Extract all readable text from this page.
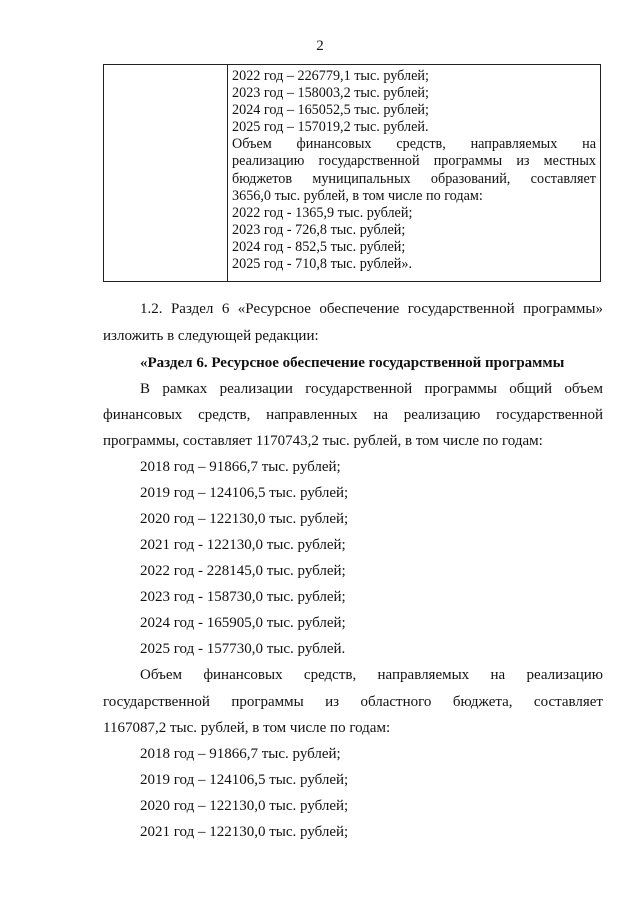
2
2022 год – 226779,1 тыс. рублей;
2023 год – 158003,2 тыс. рублей;
2024 год – 165052,5 тыс. рублей;
2025 год – 157019,2 тыс. рублей.
Объем финансовых средств, направляемых на
реализацию государственной программы из местных
бюджетов муниципальных образований, составляет
3656,0 тыс. рублей, в том числе по годам:
2022 год - 1365,9 тыс. рублей;
2023 год - 726,8 тыс. рублей;
2024 год - 852,5 тыс. рублей;
2025 год - 710,8 тыс. рублей».
1.2. Раздел 6 «Ресурсное обеспечение государственной программы»
изложить в следующей редакции:
«Раздел 6. Ресурсное обеспечение государственной программы
В рамках реализации государственной программы общий объем
финансовых средств, направленных на реализацию государственной
программы, составляет 1170743,2 тыс. рублей, в том числе по годам:
2018 год – 91866,7 тыс. рублей;
2019 год – 124106,5 тыс. рублей;
2020 год – 122130,0 тыс. рублей;
2021 год - 122130,0 тыс. рублей;
2022 год - 228145,0 тыс. рублей;
2023 год - 158730,0 тыс. рублей;
2024 год - 165905,0 тыс. рублей;
2025 год - 157730,0 тыс. рублей.
Объем финансовых средств, направляемых на реализацию
государственной программы из областного бюджета, составляет
1167087,2 тыс. рублей, в том числе по годам:
2018 год – 91866,7 тыс. рублей;
2019 год – 124106,5 тыс. рублей;
2020 год – 122130,0 тыс. рублей;
2021 год – 122130,0 тыс. рублей;
